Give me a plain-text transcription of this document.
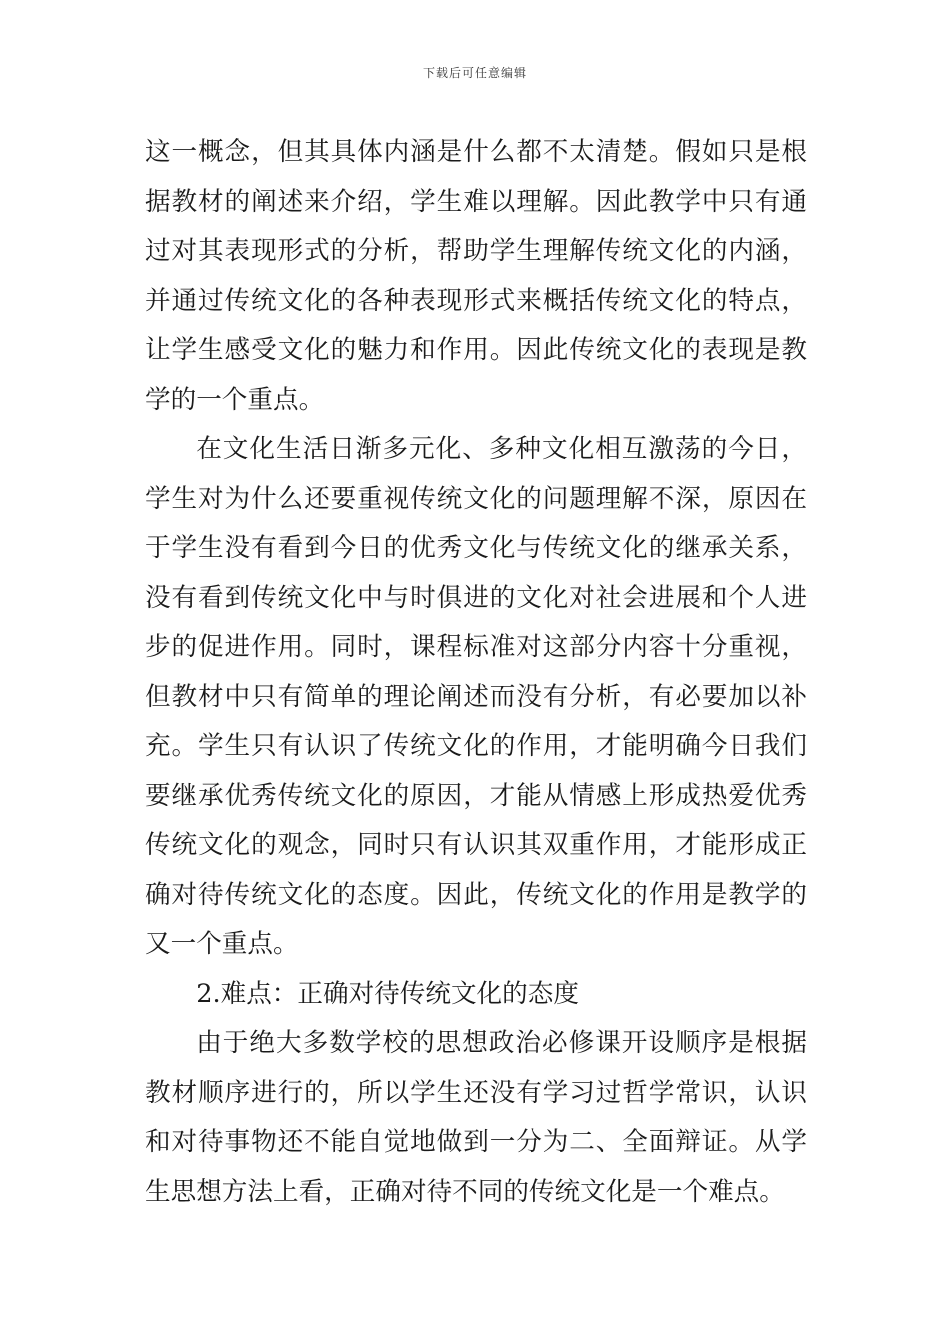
下载后可任意编辑

这一概念，但其具体内涵是什么都不太清楚。假如只是根据教材的阐述来介绍，学生难以理解。因此教学中只有通过对其表现形式的分析，帮助学生理解传统文化的内涵，并通过传统文化的各种表现形式来概括传统文化的特点，让学生感受文化的魅力和作用。因此传统文化的表现是教学的一个重点。

在文化生活日渐多元化、多种文化相互激荡的今日，学生对为什么还要重视传统文化的问题理解不深，原因在于学生没有看到今日的优秀文化与传统文化的继承关系，没有看到传统文化中与时俱进的文化对社会进展和个人进步的促进作用。同时，课程标准对这部分内容十分重视，但教材中只有简单的理论阐述而没有分析，有必要加以补充。学生只有认识了传统文化的作用，才能明确今日我们要继承优秀传统文化的原因，才能从情感上形成热爱优秀传统文化的观念，同时只有认识其双重作用，才能形成正确对待传统文化的态度。因此，传统文化的作用是教学的又一个重点。

2.难点：正确对待传统文化的态度

由于绝大多数学校的思想政治必修课开设顺序是根据教材顺序进行的，所以学生还没有学习过哲学常识，认识和对待事物还不能自觉地做到一分为二、全面辩证。从学生思想方法上看，正确对待不同的传统文化是一个难点。
